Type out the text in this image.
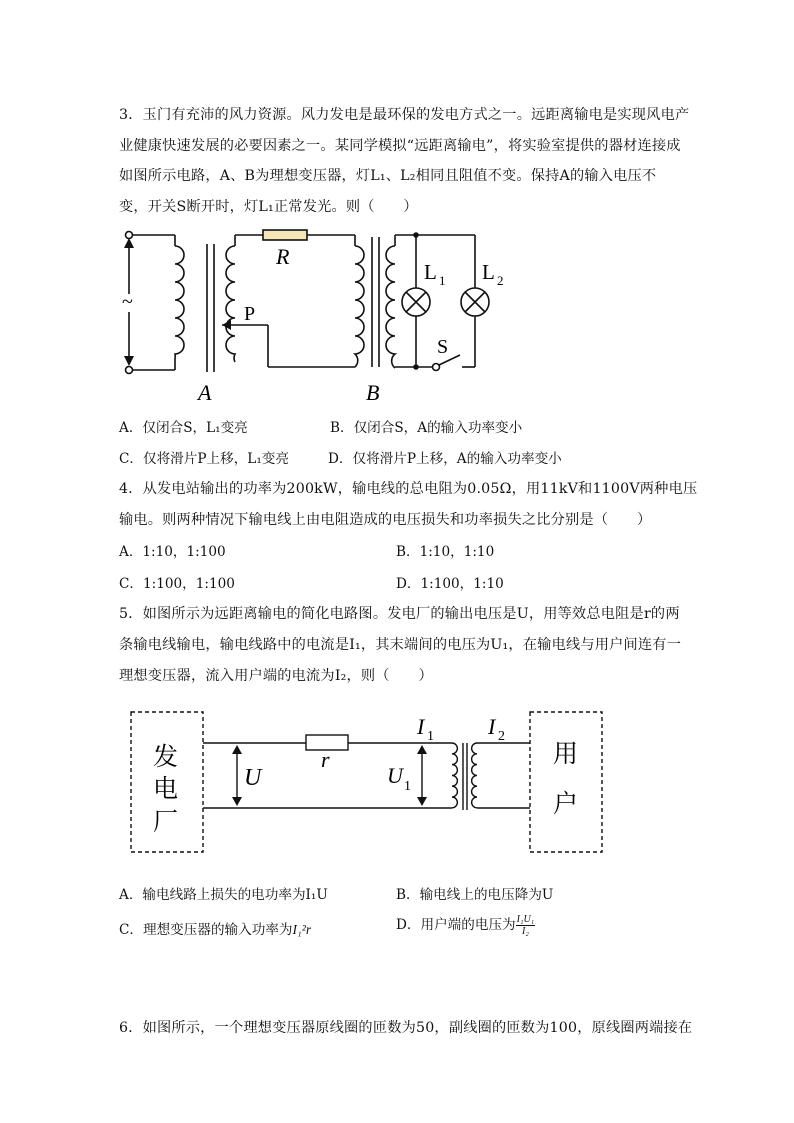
3．玉门有充沛的风力资源。风力发电是最环保的发电方式之一。远距离输电是实现风电产
业健康快速发展的必要因素之一。某同学模拟“远距离输电”，将实验室提供的器材连接成
如图所示电路，A、B为理想变压器，灯L₁、L₂相同且阻值不变。保持A的输入电压不
变，开关S断开时，灯L₁正常发光。则（　　）
~
R
P
A	B
L 1 L 2
S
A．仅闭合S，L₁变亮	B．仅闭合S，A的输入功率变小
C．仅将滑片P上移，L₁变亮	D．仅将滑片P上移，A的输入功率变小
4．从发电站输出的功率为200kW，输电线的总电阻为0.05Ω，用11kV和1100V两种电压
输电。则两种情况下输电线上由电阻造成的电压损失和功率损失之比分别是（　　）
A．1:10，1:100	B．1:10，1:10
C．1:100，1:100	D．1:100，1:10
5．如图所示为远距离输电的简化电路图。发电厂的输出电压是U，用等效总电阻是r的两
条输电线输电，输电线路中的电流是I₁，其末端间的电压为U₁，在输电线与用户间连有一
理想变压器，流入用户端的电流为I₂，则（　　）
发
电
厂
用
户
U
r
U 1
I 1 I 2
A．输电线路上损失的电功率为I₁U	B．输电线上的电压降为U
C．理想变压器的输入功率为I₁²r	D．用户端的电压为 $\frac{\text{I₁U₁}}{\text{I₂}}$
6．如图所示，一个理想变压器原线圈的匝数为50，副线圈的匝数为100，原线圈两端接在
